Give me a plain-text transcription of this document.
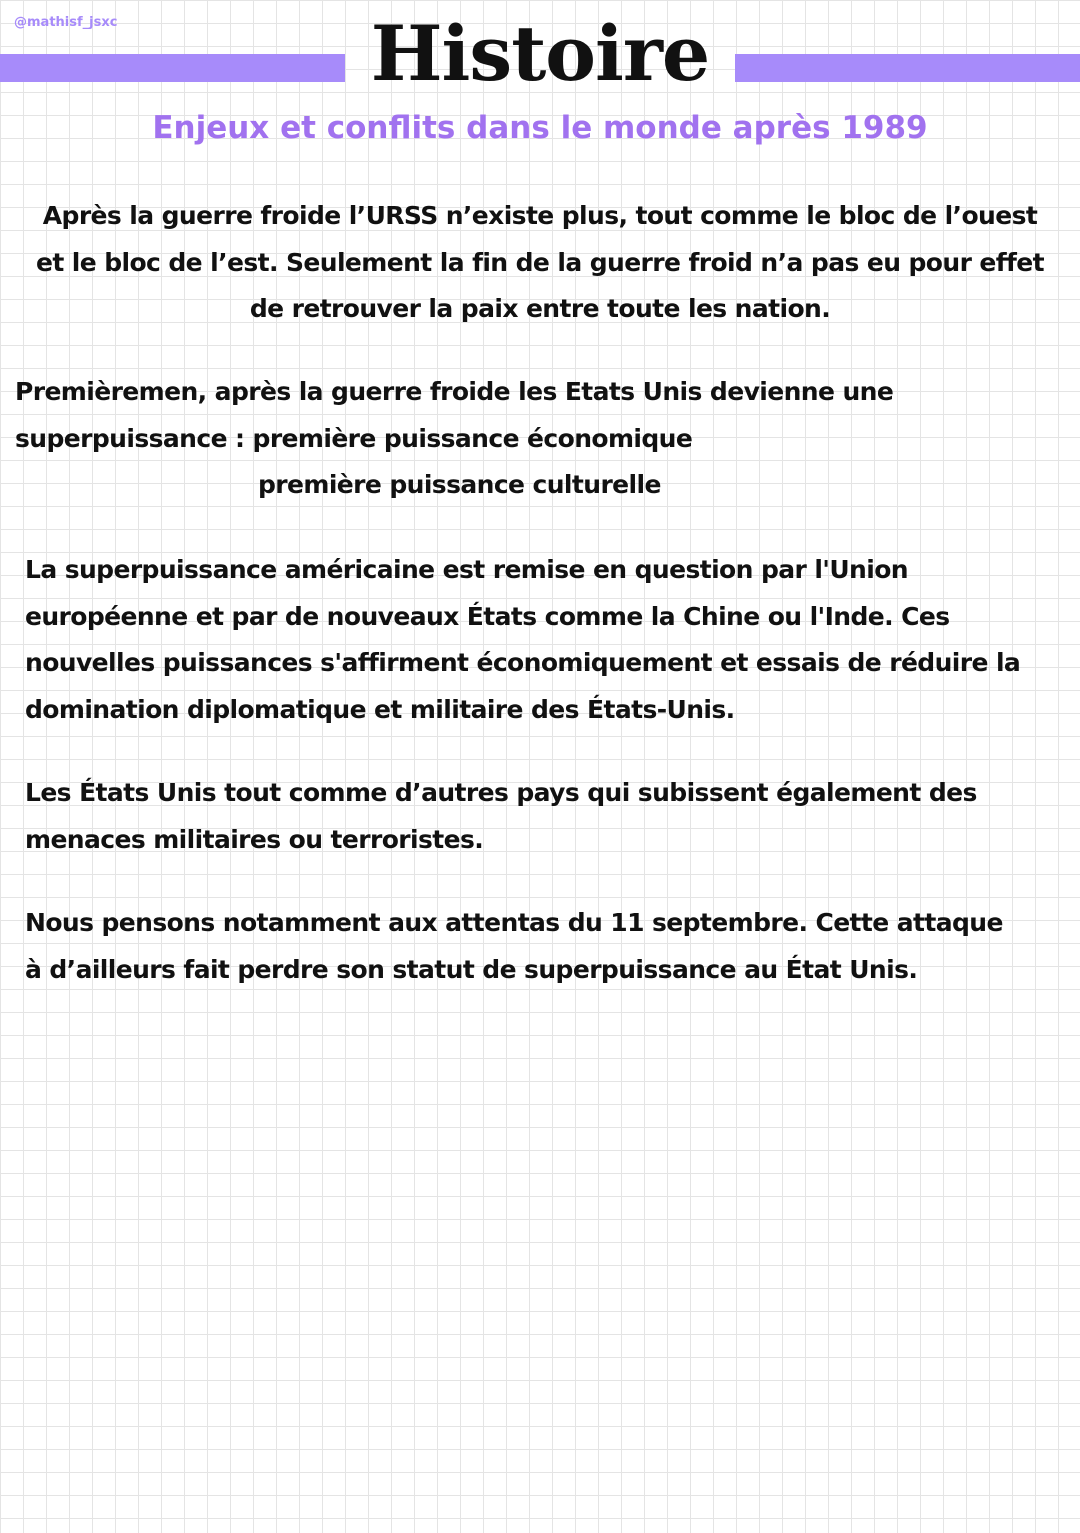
@mathisf_jsxc	Histoire
Enjeux et conflits dans le monde après 1989
Après la guerre froide l’URSS n’existe plus, tout comme le bloc de l’ouest
et le bloc de l’est. Seulement la fin de la guerre froid n’a pas eu pour effet
de retrouver la paix entre toute les nation.
Premièremen, après la guerre froide les Etats Unis devienne une
superpuissance : première puissance économique
première puissance culturelle
La superpuissance américaine est remise en question par l'Union
européenne et par de nouveaux États comme la Chine ou l'Inde. Ces
nouvelles puissances s'affirment économiquement et essais de réduire la
domination diplomatique et militaire des États-Unis.
Les États Unis tout comme d’autres pays qui subissent également des
menaces militaires ou terroristes.
Nous pensons notamment aux attentas du 11 septembre. Cette attaque
à d’ailleurs fait perdre son statut de superpuissance au État Unis.
